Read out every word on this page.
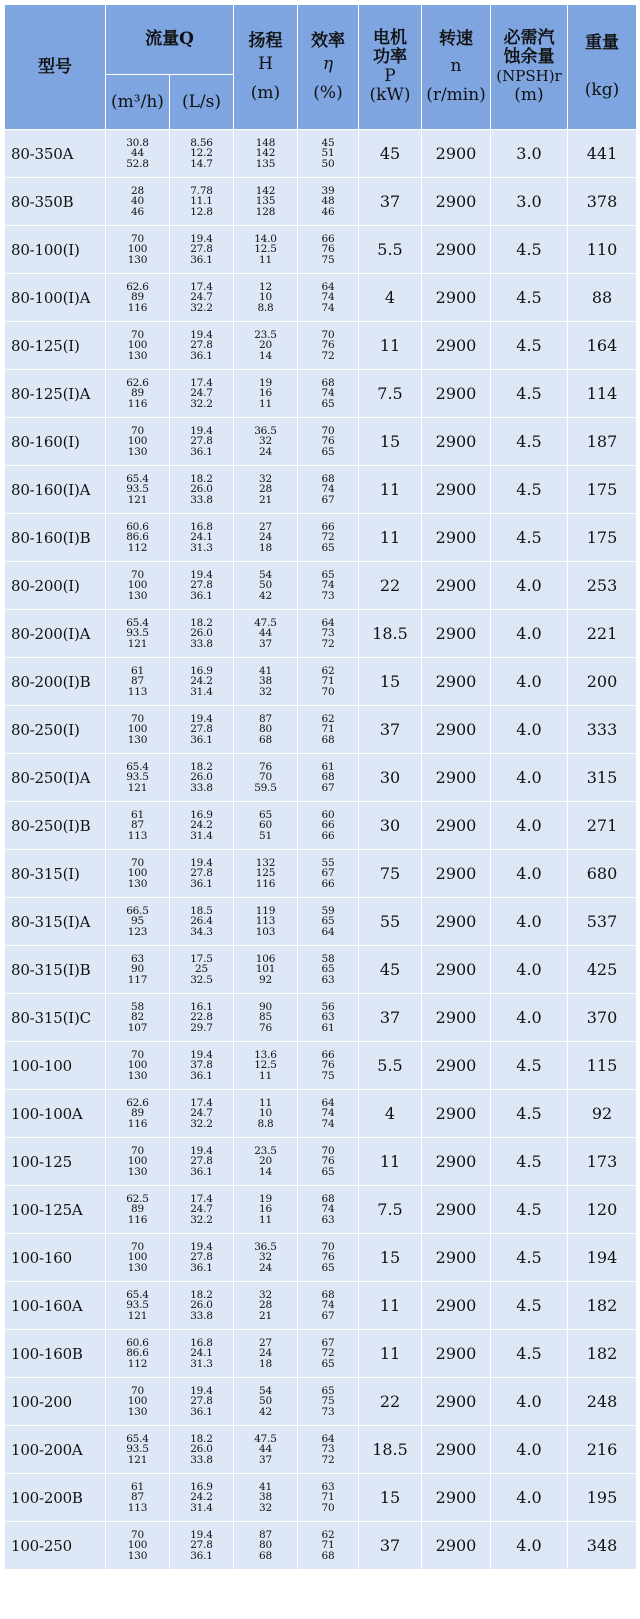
型号	流量Q		扬程
H
(m)	效率
η
(%)	电机功率
P
(kW)	转速
n
(r/min)	必需汽蚀余量
(NPSH)r
(m)	重量
(kg)

	(m³/h)	(L/s)						
80-350A	30.8
44
52.8	8.56
12.2
14.7	148
142
135	45
51
50	45	2900	3.0	441
80-350B	28
40
46	7.78
11.1
12.8	142
135
128	39
48
46	37	2900	3.0	378
80-100(I)	70
100
130	19.4
27.8
36.1	14.0
12.5
11	66
76
75	5.5	2900	4.5	110
80-100(I)A	62.6
89
116	17.4
24.7
32.2	12
10
8.8	64
74
74	4	2900	4.5	88
80-125(I)	70
100
130	19.4
27.8
36.1	23.5
20
14	70
76
72	11	2900	4.5	164
80-125(I)A	62.6
89
116	17.4
24.7
32.2	19
16
11	68
74
65	7.5	2900	4.5	114
80-160(I)	70
100
130	19.4
27.8
36.1	36.5
32
24	70
76
65	15	2900	4.5	187
80-160(I)A	65.4
93.5
121	18.2
26.0
33.8	32
28
21	68
74
67	11	2900	4.5	175
80-160(I)B	60.6
86.6
112	16.8
24.1
31.3	27
24
18	66
72
65	11	2900	4.5	175
80-200(I)	70
100
130	19.4
27.8
36.1	54
50
42	65
74
73	22	2900	4.0	253
80-200(I)A	65.4
93.5
121	18.2
26.0
33.8	47.5
44
37	64
73
72	18.5	2900	4.0	221
80-200(I)B	61
87
113	16.9
24.2
31.4	41
38
32	62
71
70	15	2900	4.0	200
80-250(I)	70
100
130	19.4
27.8
36.1	87
80
68	62
71
68	37	2900	4.0	333
80-250(I)A	65.4
93.5
121	18.2
26.0
33.8	76
70
59.5	61
68
67	30	2900	4.0	315
80-250(I)B	61
87
113	16.9
24.2
31.4	65
60
51	60
66
66	30	2900	4.0	271
80-315(I)	70
100
130	19.4
27.8
36.1	132
125
116	55
67
66	75	2900	4.0	680
80-315(I)A	66.5
95
123	18.5
26.4
34.3	119
113
103	59
65
64	55	2900	4.0	537
80-315(I)B	63
90
117	17.5
25
32.5	106
101
92	58
65
63	45	2900	4.0	425
80-315(I)C	58
82
107	16.1
22.8
29.7	90
85
76	56
63
61	37	2900	4.0	370
100-100	70
100
130	19.4
37.8
36.1	13.6
12.5
11	66
76
75	5.5	2900	4.5	115
100-100A	62.6
89
116	17.4
24.7
32.2	11
10
8.8	64
74
74	4	2900	4.5	92
100-125	70
100
130	19.4
27.8
36.1	23.5
20
14	70
76
65	11	2900	4.5	173
100-125A	62.5
89
116	17.4
24.7
32.2	19
16
11	68
74
63	7.5	2900	4.5	120
100-160	70
100
130	19.4
27.8
36.1	36.5
32
24	70
76
65	15	2900	4.5	194
100-160A	65.4
93.5
121	18.2
26.0
33.8	32
28
21	68
74
67	11	2900	4.5	182
100-160B	60.6
86.6
112	16.8
24.1
31.3	27
24
18	67
72
65	11	2900	4.5	182
100-200	70
100
130	19.4
27.8
36.1	54
50
42	65
75
73	22	2900	4.0	248
100-200A	65.4
93.5
121	18.2
26.0
33.8	47.5
44
37	64
73
72	18.5	2900	4.0	216
100-200B	61
87
113	16.9
24.2
31.4	41
38
32	63
71
70	15	2900	4.0	195
100-250	70
100
130	19.4
27.8
36.1	87
80
68	62
71
68	37	2900	4.0	348
